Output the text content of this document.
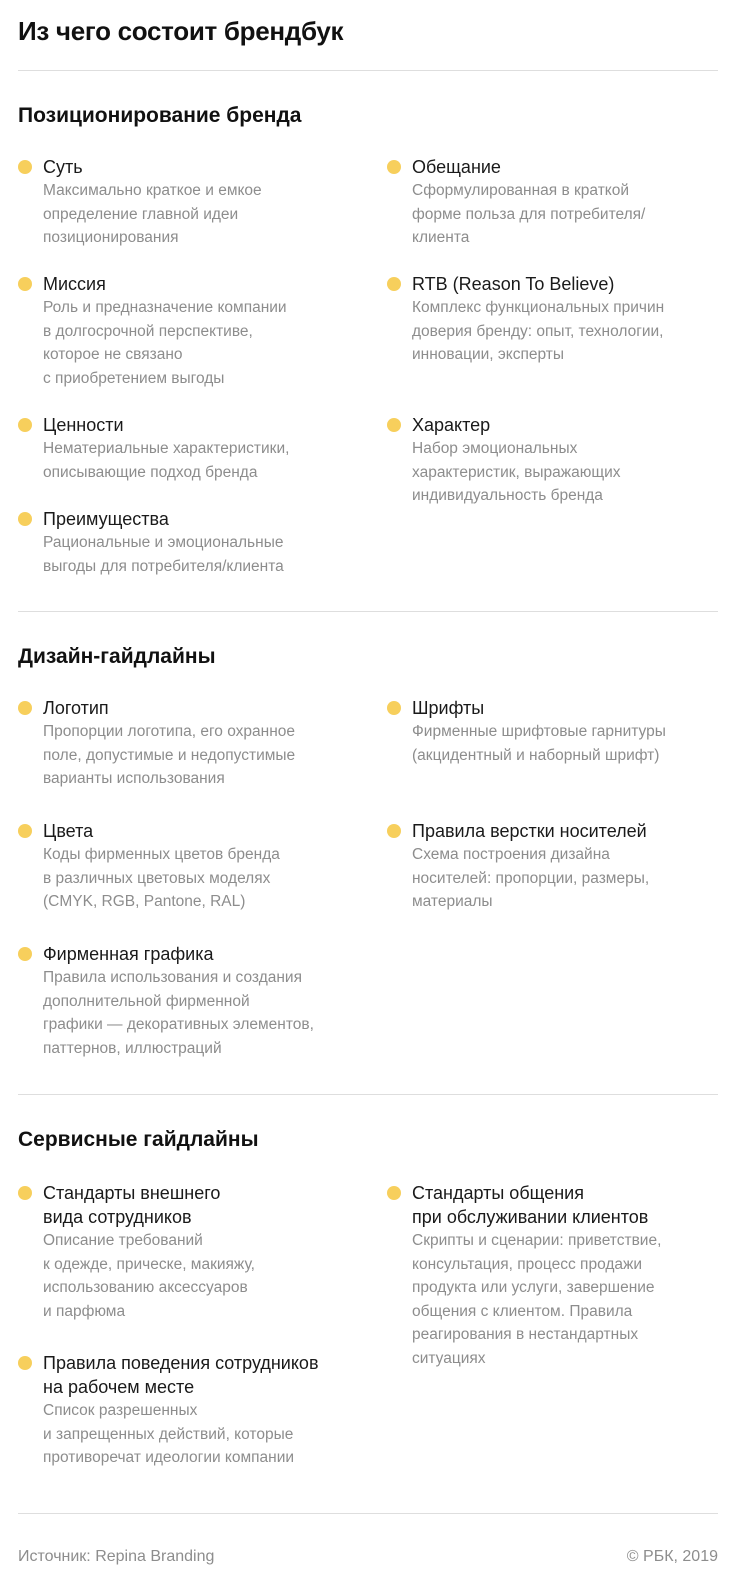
Из чего состоит брендбук
Позиционирование бренда
Суть
Максимально краткое и емкое
определение главной идеи
позиционирования
Обещание
Сформулированная в краткой
форме польза для потребителя/
клиента
Миссия
Роль и предназначение компании
в долгосрочной перспективе,
которое не связано
с приобретением выгоды
RTB (Reason To Believe)
Комплекс функциональных причин
доверия бренду: опыт, технологии,
инновации, эксперты
Ценности
Нематериальные характеристики,
описывающие подход бренда
Характер
Набор эмоциональных
характеристик, выражающих
индивидуальность бренда
Преимущества
Рациональные и эмоциональные
выгоды для потребителя/клиента
Дизайн-гайдлайны
Логотип
Пропорции логотипа, его охранное
поле, допустимые и недопустимые
варианты использования
Шрифты
Фирменные шрифтовые гарнитуры
(акцидентный и наборный шрифт)
Цвета
Коды фирменных цветов бренда
в различных цветовых моделях
(CMYK, RGB, Pantone, RAL)
Правила верстки носителей
Схема построения дизайна
носителей: пропорции, размеры,
материалы
Фирменная графика
Правила использования и создания
дополнительной фирменной
графики — декоративных элементов,
паттернов, иллюстраций
Сервисные гайдлайны
Стандарты внешнего
вида сотрудников
Описание требований
к одежде, прическе, макияжу,
использованию аксессуаров
и парфюма
Стандарты общения
при обслуживании клиентов
Скрипты и сценарии: приветствие,
консультация, процесс продажи
продукта или услуги, завершение
общения с клиентом. Правила
реагирования в нестандартных
ситуациях
Правила поведения сотрудников
на рабочем месте
Список разрешенных
и запрещенных действий, которые
противоречат идеологии компании
Источник: Repina Branding	© РБК, 2019
